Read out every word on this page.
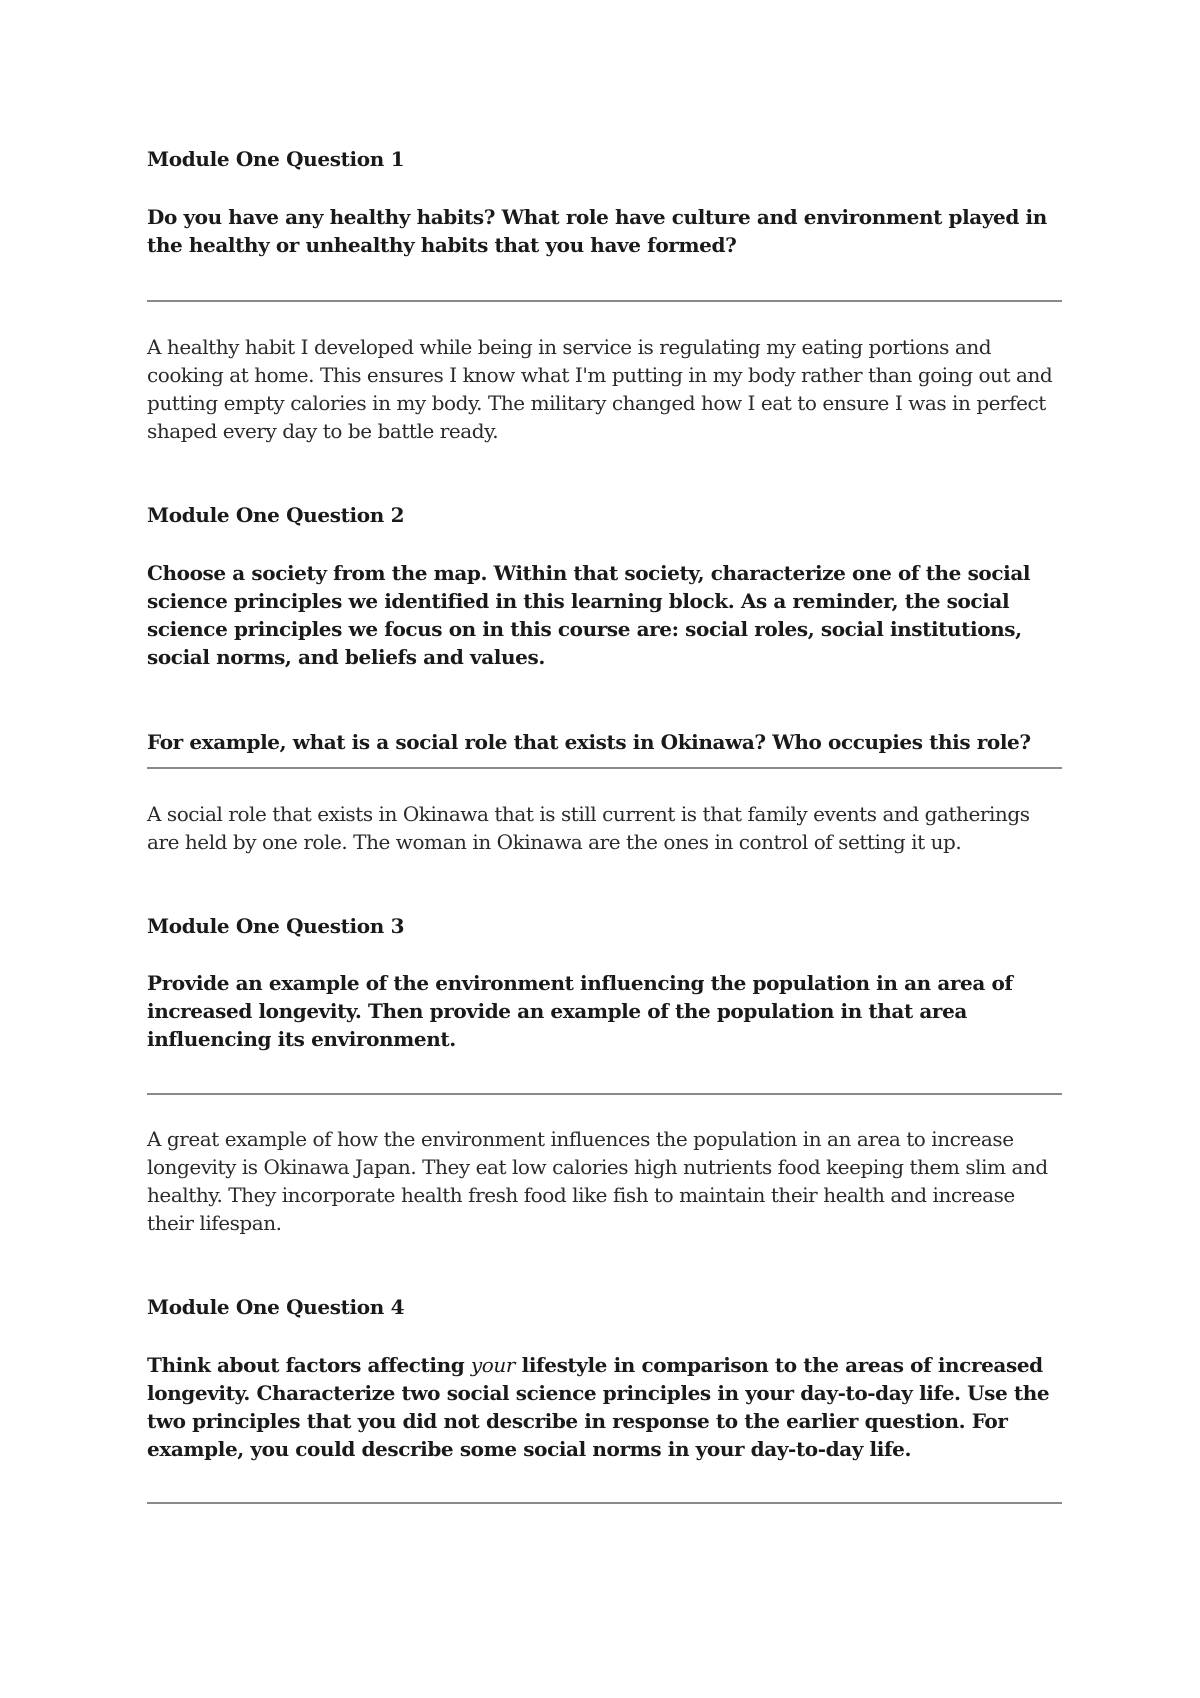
Module One Question 1

Do you have any healthy habits? What role have culture and environment played in the healthy or unhealthy habits that you have formed?

A healthy habit I developed while being in service is regulating my eating portions and cooking at home. This ensures I know what I'm putting in my body rather than going out and putting empty calories in my body. The military changed how I eat to ensure I was in perfect shaped every day to be battle ready.

Module One Question 2

Choose a society from the map. Within that society, characterize one of the social science principles we identified in this learning block. As a reminder, the social science principles we focus on in this course are: social roles, social institutions, social norms, and beliefs and values.

For example, what is a social role that exists in Okinawa? Who occupies this role?

A social role that exists in Okinawa that is still current is that family events and gatherings are held by one role. The woman in Okinawa are the ones in control of setting it up.

Module One Question 3

Provide an example of the environment influencing the population in an area of increased longevity. Then provide an example of the population in that area influencing its environment.

A great example of how the environment influences the population in an area to increase longevity is Okinawa Japan. They eat low calories high nutrients food keeping them slim and healthy. They incorporate health fresh food like fish to maintain their health and increase their lifespan.

Module One Question 4

Think about factors affecting your lifestyle in comparison to the areas of increased longevity. Characterize two social science principles in your day-to-day life. Use the two principles that you did not describe in response to the earlier question. For example, you could describe some social norms in your day-to-day life.
